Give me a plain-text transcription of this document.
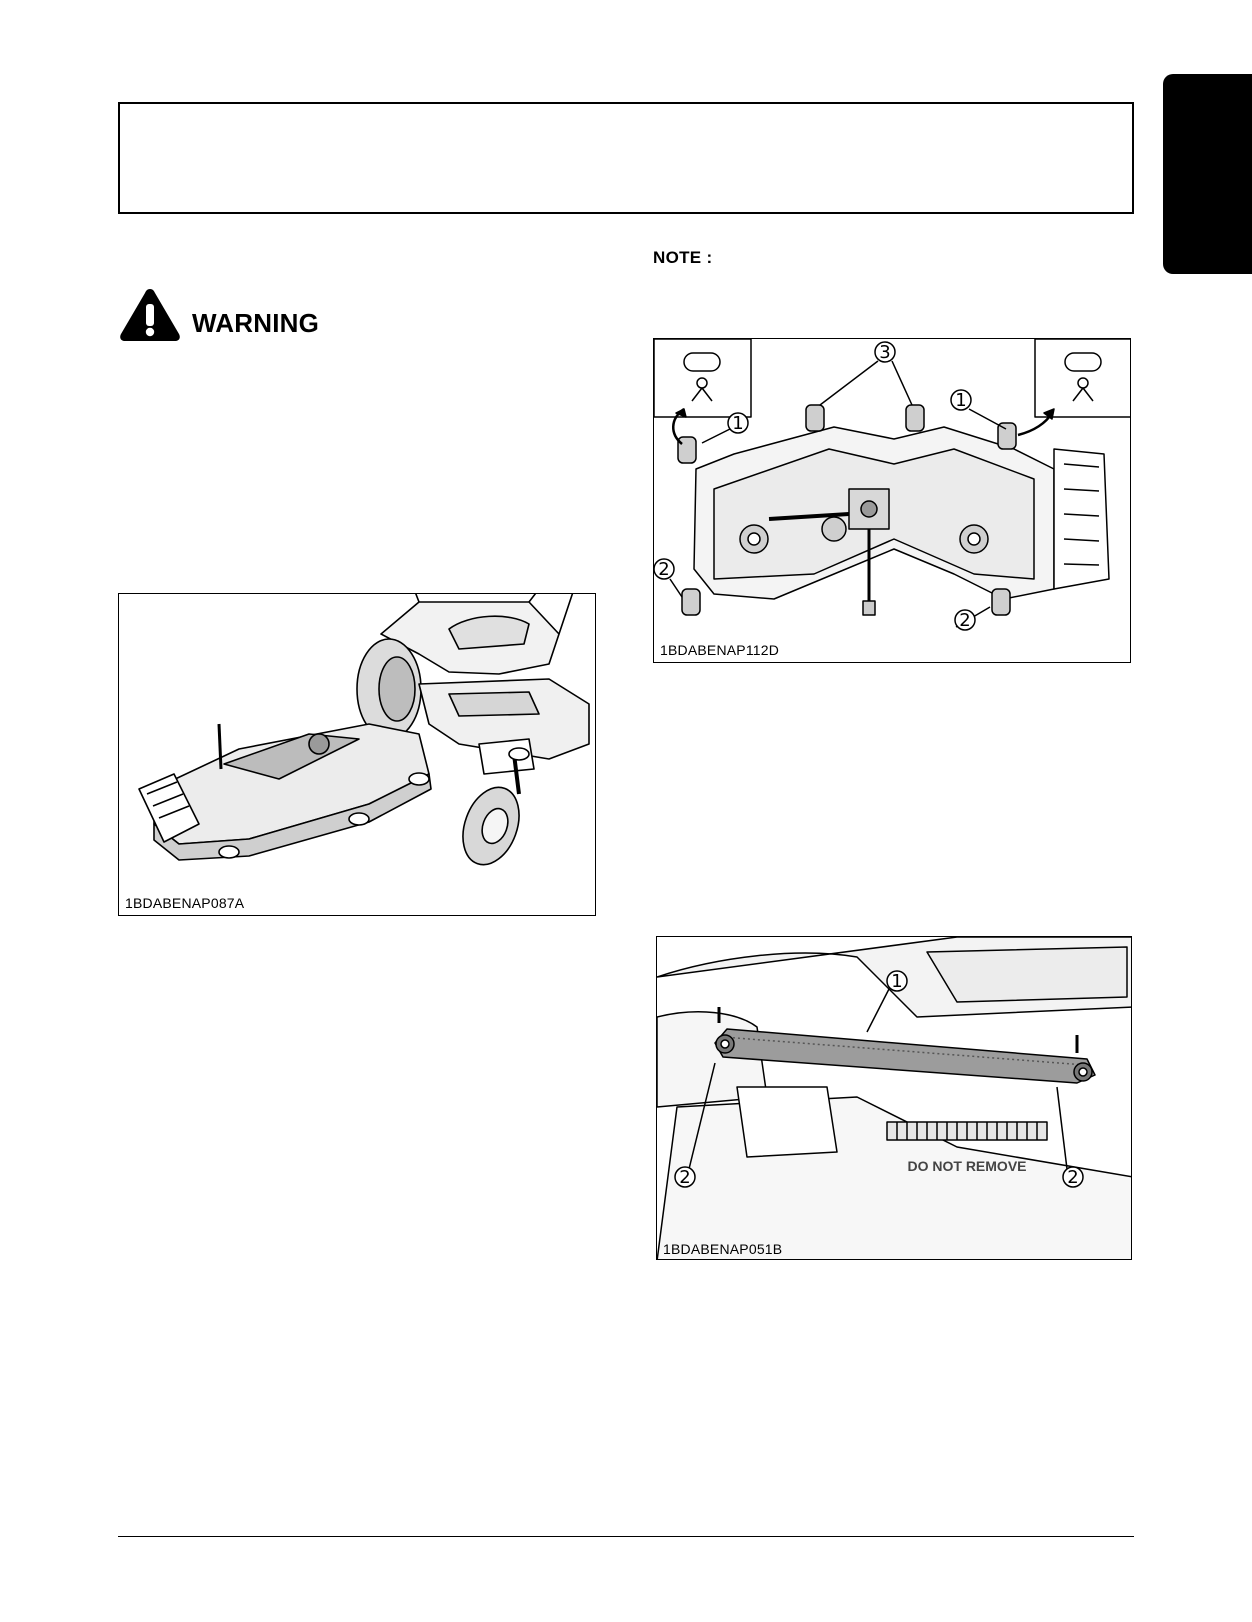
NOTE :
WARNING
1BDABENAP087A
3
1
1
2
2
1BDABENAP112D
DO NOT REMOVE
1
2	2
1BDABENAP051B
